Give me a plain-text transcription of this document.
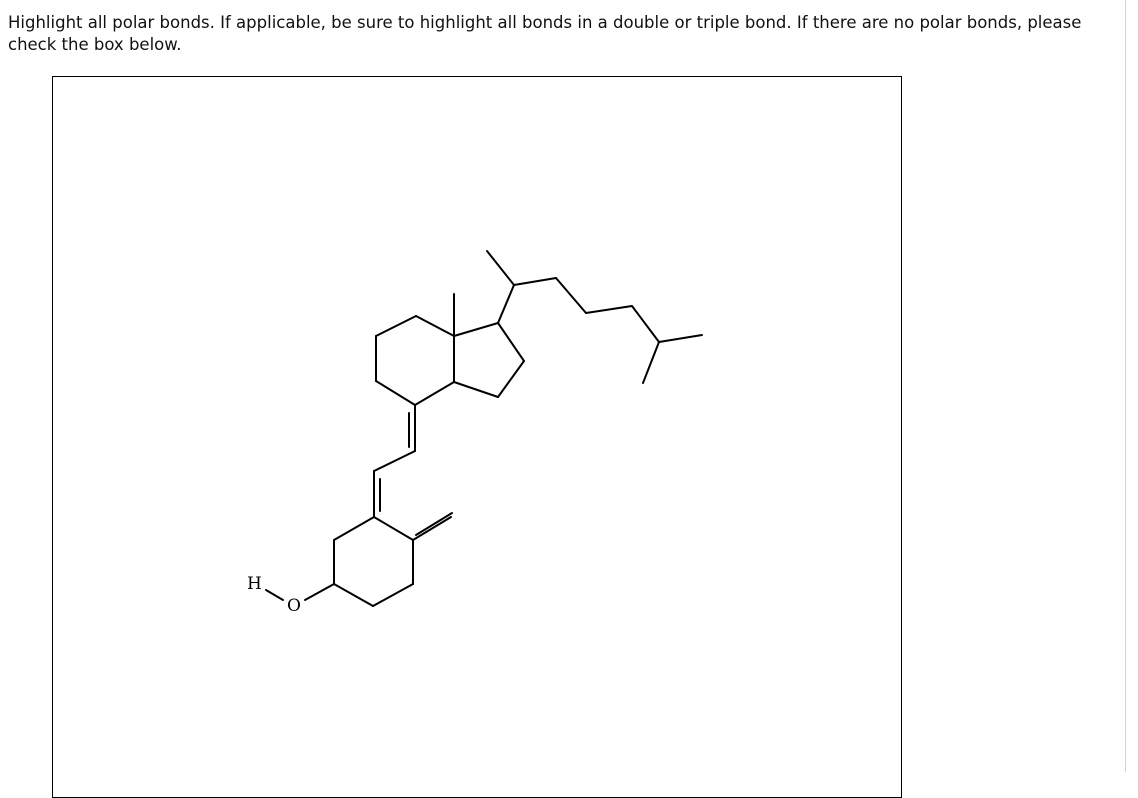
Highlight all polar bonds. If applicable, be sure to highlight all bonds in a double or triple bond. If there are no polar bonds, please check the box below.

H
O
